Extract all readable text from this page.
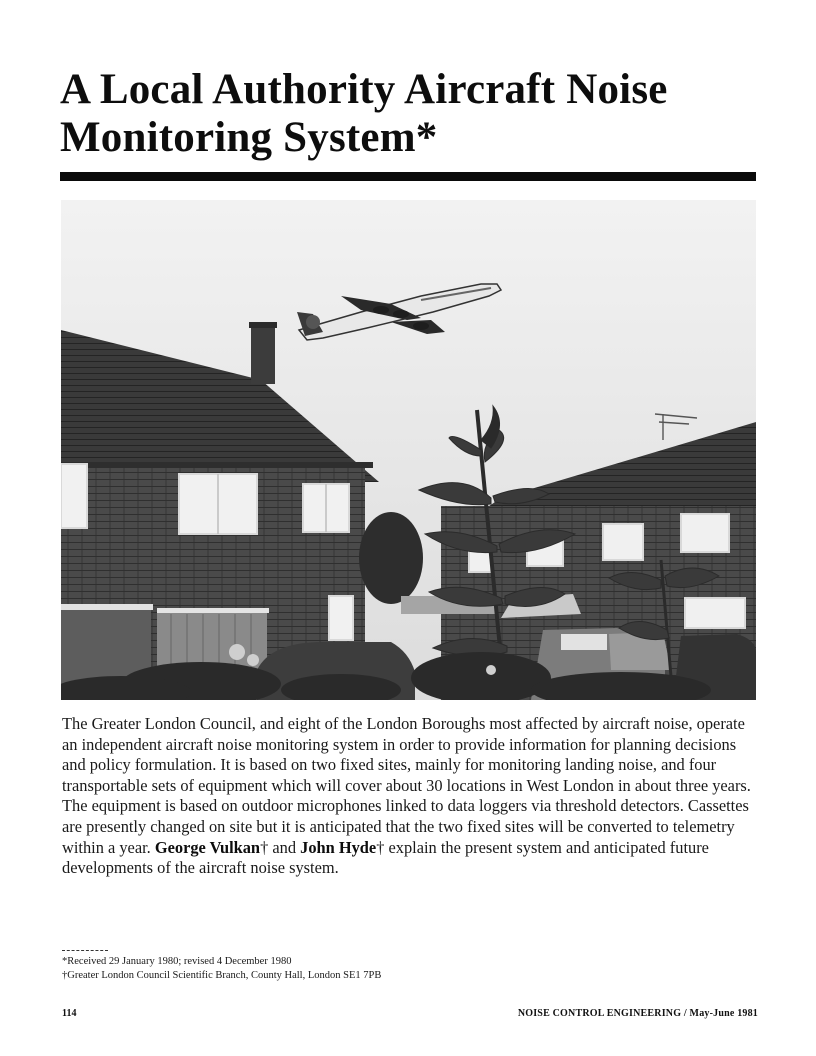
A Local Authority Aircraft Noise
Monitoring System*

The Greater London Council, and eight of the London Boroughs most affected by aircraft noise, operate an independent aircraft noise monitoring system in order to provide information for planning decisions and policy formulation. It is based on two fixed sites, mainly for monitoring landing noise, and four transportable sets of equipment which will cover about 30 locations in West London in about three years. The equipment is based on outdoor microphones linked to data loggers via threshold detectors. Cassettes are presently changed on site but it is anticipated that the two fixed sites will be converted to telemetry within a year. George Vulkan† and John Hyde† explain the present system and anticipated future developments of the aircraft noise system.

*Received 29 January 1980; revised 4 December 1980
†Greater London Council Scientific Branch, County Hall, London SE1 7PB
114	NOISE CONTROL ENGINEERING / May-June 1981
